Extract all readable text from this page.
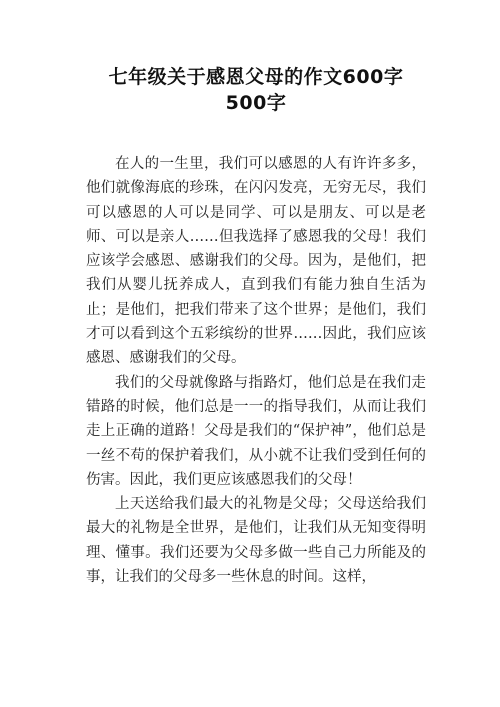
七年级关于感恩父母的作文600字
500字

在人的一生里，我们可以感恩的人有许许多多，他们就像海底的珍珠，在闪闪发亮，无穷无尽，我们可以感恩的人可以是同学、可以是朋友、可以是老师、可以是亲人……但我选择了感恩我的父母！我们应该学会感恩、感谢我们的父母。因为，是他们，把我们从婴儿抚养成人，直到我们有能力独自生活为止；是他们，把我们带来了这个世界；是他们，我们才可以看到这个五彩缤纷的世界……因此，我们应该感恩、感谢我们的父母。

我们的父母就像路与指路灯，他们总是在我们走错路的时候，他们总是一一的指导我们，从而让我们走上正确的道路！父母是我们的“保护神”，他们总是一丝不苟的保护着我们，从小就不让我们受到任何的伤害。因此，我们更应该感恩我们的父母！

上天送给我们最大的礼物是父母；父母送给我们最大的礼物是全世界，是他们，让我们从无知变得明理、懂事。我们还要为父母多做一些自己力所能及的事，让我们的父母多一些休息的时间。这样，
